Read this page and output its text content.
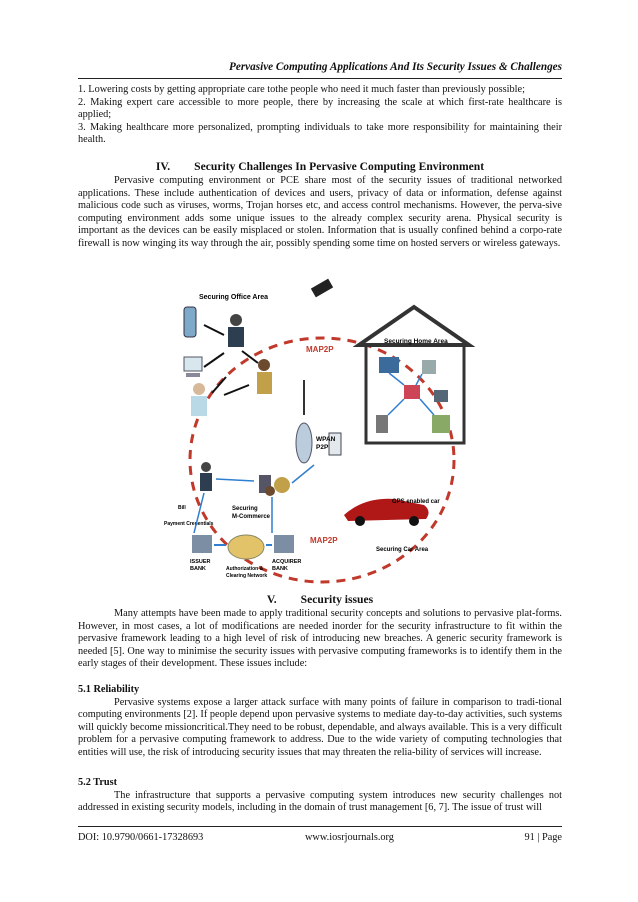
Pervasive Computing Applications And Its Security Issues & Challenges

1. Lowering costs by getting appropriate care tothe people who need it much faster than previously possible;

2. Making expert care accessible to more people, there by increasing the scale at which first-rate healthcare is applied;

3. Making healthcare more personalized, prompting individuals to take more responsibility for maintaining their health.

IV. Security Challenges In Pervasive Computing Environment

Pervasive computing environment or PCE share most of the security issues of traditional networked applications. These include authentication of devices and users, privacy of data or information, defense against malicious code such as viruses, worms, Trojan horses etc, and access control mechanisms. However, the perva-sive computing environment adds some unique issues to the already complex security arena. Physical security is important as the devices can be easily misplaced or stolen. Information that is usually confined behind a corpo-rate firewall is now winging its way through the air, possibly spending some time on hosted servers or wireless gateways.

Securing Office Area
MAP2P
Securing Home Area
WPAN
P2P
GPS enabled car
Securing Car Area
MAP2P
Securing
M-Commerce
Bill
Payment Credentials
ISSUER
BANK	Authorization &
Clearing Network
ACQUIRER
BANK
V. Security issues

Many attempts have been made to apply traditional security concepts and solutions to pervasive plat-forms. However, in most cases, a lot of modifications are needed inorder for the security infrastructure to fit within the pervasive framework leading to a high level of risk of introducing new breaches. A generic security framework is needed [5]. One way to minimise the security issues with pervasive computing frameworks is to identify them in the early stages of their development. These issues include:

5.1 Reliability

Pervasive systems expose a larger attack surface with many points of failure in comparison to tradi-tional computing environments [2]. If people depend upon pervasive systems to mediate day-to-day activities, such systems will quickly become missioncritical.They need to be robust, dependable, and always available. This is a very difficult problem for a pervasive computing framework to address. Due to the wide variety of computing technologies that entities will use, the risk of introducing security issues that may threaten the relia-bility of services will increase.

5.2 Trust

The infrastructure that supports a pervasive computing system introduces new security challenges not addressed in existing security models, including in the domain of trust management [6, 7]. The issue of trust will

DOI: 10.9790/0661-17328693	www.iosrjournals.org	91 | Page
